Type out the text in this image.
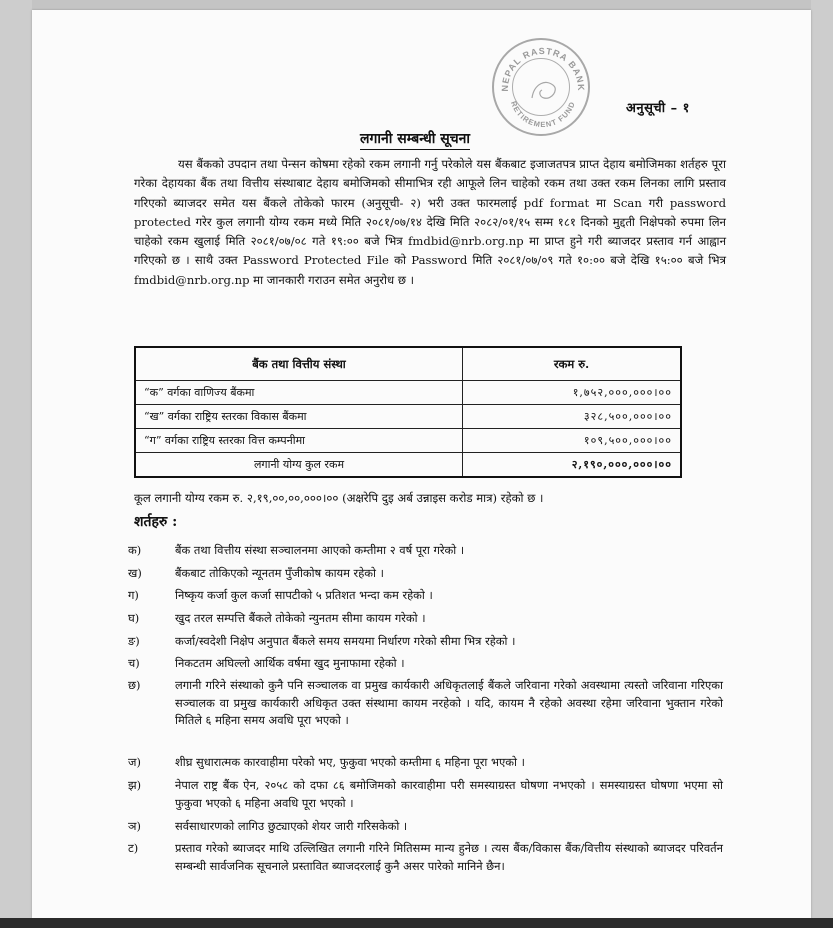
NEPAL RASTRA BANK
RETIREMENT FUND	अनुसूची – १
लगानी सम्बन्धी सूचना
यस बैंकको उपदान तथा पेन्सन कोषमा रहेको रकम लगानी गर्नु परेकोले यस बैंकबाट इजाजतपत्र प्राप्त देहाय बमोजिमका शर्तहरु पूरा गरेका देहायका बैंक तथा वित्तीय संस्थाबाट देहाय बमोजिमको सीमाभित्र रही आफूले लिन चाहेको रकम तथा उक्त रकम लिनका लागि प्रस्ताव गरिएको ब्याजदर समेत यस बैंकले तोकेको फारम (अनुसूची- २) भरी उक्त फारमलाई pdf format मा Scan गरी password protected गरेर कुल लगानी योग्य रकम मध्ये मिति २०८१/०७/१४ देखि मिति २०८२/०१/१५ सम्म १८१ दिनको मुद्दती निक्षेपको रुपमा लिन चाहेको रकम खुलाई मिति २०८१/०७/०८ गते १९:०० बजे भित्र fmdbid@nrb.org.np मा प्राप्त हुने गरी ब्याजदर प्रस्ताव गर्न आह्वान गरिएको छ । साथै उक्त Password Protected File को Password मिति २०८१/०७/०९ गते १०:०० बजे देखि १५:०० बजे भित्र fmdbid@nrb.org.np मा जानकारी गराउन समेत अनुरोध छ ।
बैंक तथा वित्तीय संस्था	रकम रु.
“क” वर्गका वाणिज्य बैंकमा	१,७५२,०००,०००।००
“ख” वर्गका राष्ट्रिय स्तरका विकास बैंकमा	३२८,५००,०००।००
“ग” वर्गका राष्ट्रिय स्तरका वित्त कम्पनीमा	१०९,५००,०००।००
लगानी योग्य कुल रकम	२,१९०,०००,०००।००
कूल लगानी योग्य रकम रु. २,१९,००,००,०००।०० (अक्षरेपि दुइ अर्ब उन्नाइस करोड मात्र) रहेको छ ।
शर्तहरु :
क)	बैंक तथा वित्तीय संस्था सञ्चालनमा आएको कम्तीमा २ वर्ष पूरा गरेको ।
ख)	बैंकबाट तोकिएको न्यूनतम पुँजीकोष कायम रहेको ।
ग)	निष्कृय कर्जा कुल कर्जा सापटीको ५ प्रतिशत भन्दा कम रहेको ।
घ)	खुद तरल सम्पत्ति बैंकले तोकेको न्युनतम सीमा कायम गरेको ।
ङ)	कर्जा/स्वदेशी निक्षेप अनुपात बैंकले समय समयमा निर्धारण गरेको सीमा भित्र रहेको ।
च)	निकटतम अघिल्लो आर्थिक वर्षमा खुद मुनाफामा रहेको ।
छ)	लगानी गरिने संस्थाको कुनै पनि सञ्चालक वा प्रमुख कार्यकारी अधिकृतलाई बैंकले जरिवाना गरेको अवस्थामा त्यस्तो जरिवाना गरिएका सञ्चालक वा प्रमुख कार्यकारी अधिकृत उक्त संस्थामा कायम नरहेको । यदि, कायम नै रहेको अवस्था रहेमा जरिवाना भुक्तान गरेको मितिले ६ महिना समय अवधि पूरा भएको ।
ज)	शीघ्र सुधारात्मक कारवाहीमा परेको भए, फुकुवा भएको कम्तीमा ६ महिना पूरा भएको ।
झ)	नेपाल राष्ट्र बैंक ऐन, २०५८ को दफा ८६ बमोजिमको कारवाहीमा परी समस्याग्रस्त घोषणा नभएको । समस्याग्रस्त घोषणा भएमा सो फुकुवा भएको ६ महिना अवधि पूरा भएको ।
ञ)	सर्वसाधारणको लागिउ छुट्याएको शेयर जारी गरिसकेको ।
ट)	प्रस्ताव गरेको ब्याजदर माथि उल्लिखित लगानी गरिने मितिसम्म मान्य हुनेछ । त्यस बैंक/विकास बैंक/वित्तीय संस्थाको ब्याजदर परिवर्तन सम्बन्धी सार्वजनिक सूचनाले प्रस्तावित ब्याजदरलाई कुनै असर पारेको मानिने छैन।
